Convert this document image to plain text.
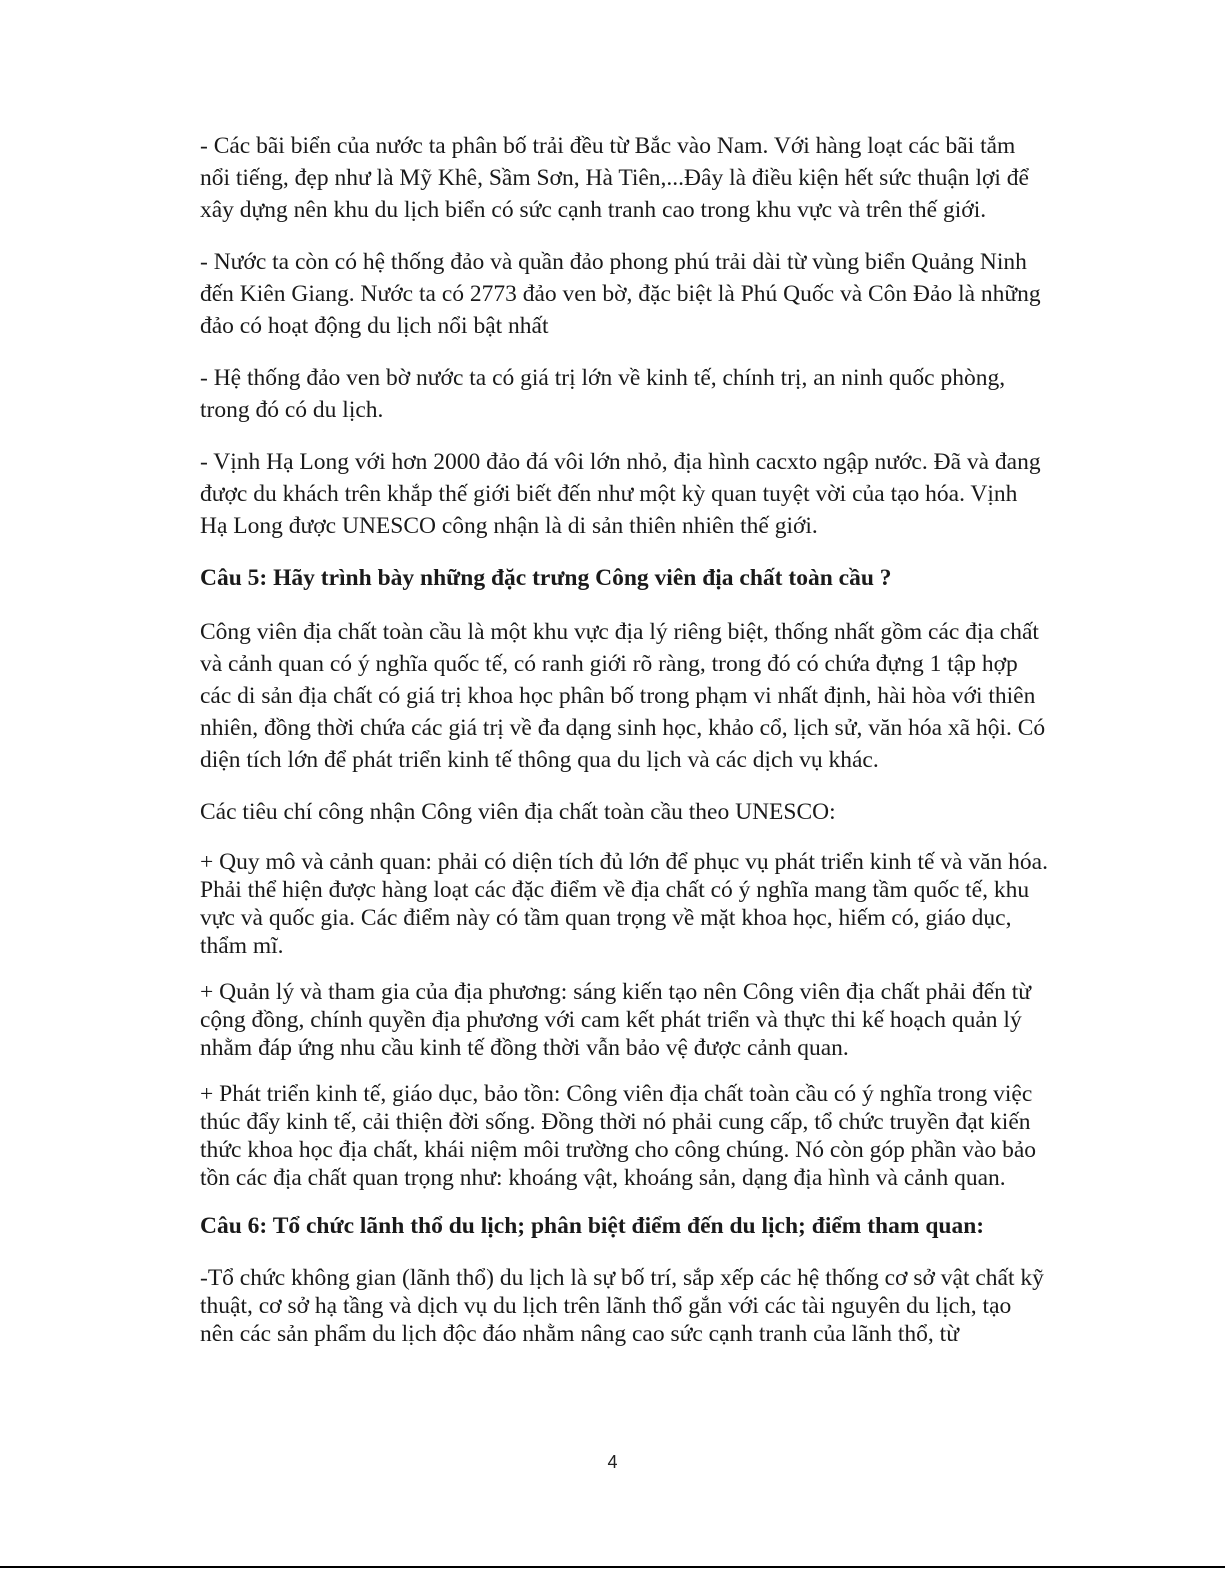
- Các bãi biển của nước ta phân bố trải đều từ Bắc vào Nam. Với hàng loạt các bãi tắm nổi tiếng, đẹp như là Mỹ Khê, Sầm Sơn, Hà Tiên,...Đây là điều kiện hết sức thuận lợi để xây dựng nên khu du lịch biển có sức cạnh tranh cao trong khu vực và trên thế giới.

- Nước ta còn có hệ thống đảo và quần đảo phong phú trải dài từ vùng biển Quảng Ninh đến Kiên Giang. Nước ta có 2773 đảo ven bờ, đặc biệt là Phú Quốc và Côn Đảo là những đảo có hoạt động du lịch nổi bật nhất

- Hệ thống đảo ven bờ nước ta có giá trị lớn về kinh tế, chính trị, an ninh quốc phòng, trong đó có du lịch.

- Vịnh Hạ Long với hơn 2000 đảo đá vôi lớn nhỏ, địa hình cacxto ngập nước. Đã và đang được du khách trên khắp thế giới biết đến như một kỳ quan tuyệt vời của tạo hóa. Vịnh Hạ Long được UNESCO công nhận là di sản thiên nhiên thế giới.

Câu 5: Hãy trình bày những đặc trưng Công viên địa chất toàn cầu ?

Công viên địa chất toàn cầu là một khu vực địa lý riêng biệt, thống nhất gồm các địa chất và cảnh quan có ý nghĩa quốc tế, có ranh giới rõ ràng, trong đó có chứa đựng 1 tập hợp các di sản địa chất có giá trị khoa học phân bố trong phạm vi nhất định, hài hòa với thiên nhiên, đồng thời chứa các giá trị về đa dạng sinh học, khảo cổ, lịch sử, văn hóa xã hội. Có diện tích lớn để phát triển kinh tế thông qua du lịch và các dịch vụ khác.

Các tiêu chí công nhận Công viên địa chất toàn cầu theo UNESCO:

+ Quy mô và cảnh quan: phải có diện tích đủ lớn để phục vụ phát triển kinh tế và văn hóa. Phải thể hiện được hàng loạt các đặc điểm về địa chất có ý nghĩa mang tầm quốc tế, khu vực và quốc gia. Các điểm này có tầm quan trọng về mặt khoa học, hiếm có, giáo dục, thẩm mĩ.

+ Quản lý và tham gia của địa phương: sáng kiến tạo nên Công viên địa chất phải đến từ cộng đồng, chính quyền địa phương với cam kết phát triển và thực thi kế hoạch quản lý nhằm đáp ứng nhu cầu kinh tế đồng thời vẫn bảo vệ được cảnh quan.

+ Phát triển kinh tế, giáo dục, bảo tồn: Công viên địa chất toàn cầu có ý nghĩa trong việc thúc đẩy kinh tế, cải thiện đời sống. Đồng thời nó phải cung cấp, tổ chức truyền đạt kiến thức khoa học địa chất, khái niệm môi trường cho công chúng. Nó còn góp phần vào bảo tồn các địa chất quan trọng như: khoáng vật, khoáng sản, dạng địa hình và cảnh quan.

Câu 6: Tổ chức lãnh thổ du lịch; phân biệt điểm đến du lịch; điểm tham quan:

-Tổ chức không gian (lãnh thổ) du lịch là sự bố trí, sắp xếp các hệ thống cơ sở vật chất kỹ thuật, cơ sở hạ tầng và dịch vụ du lịch trên lãnh thổ gắn với các tài nguyên du lịch, tạo nên các sản phẩm du lịch độc đáo nhằm nâng cao sức cạnh tranh của lãnh thổ, từ

4
